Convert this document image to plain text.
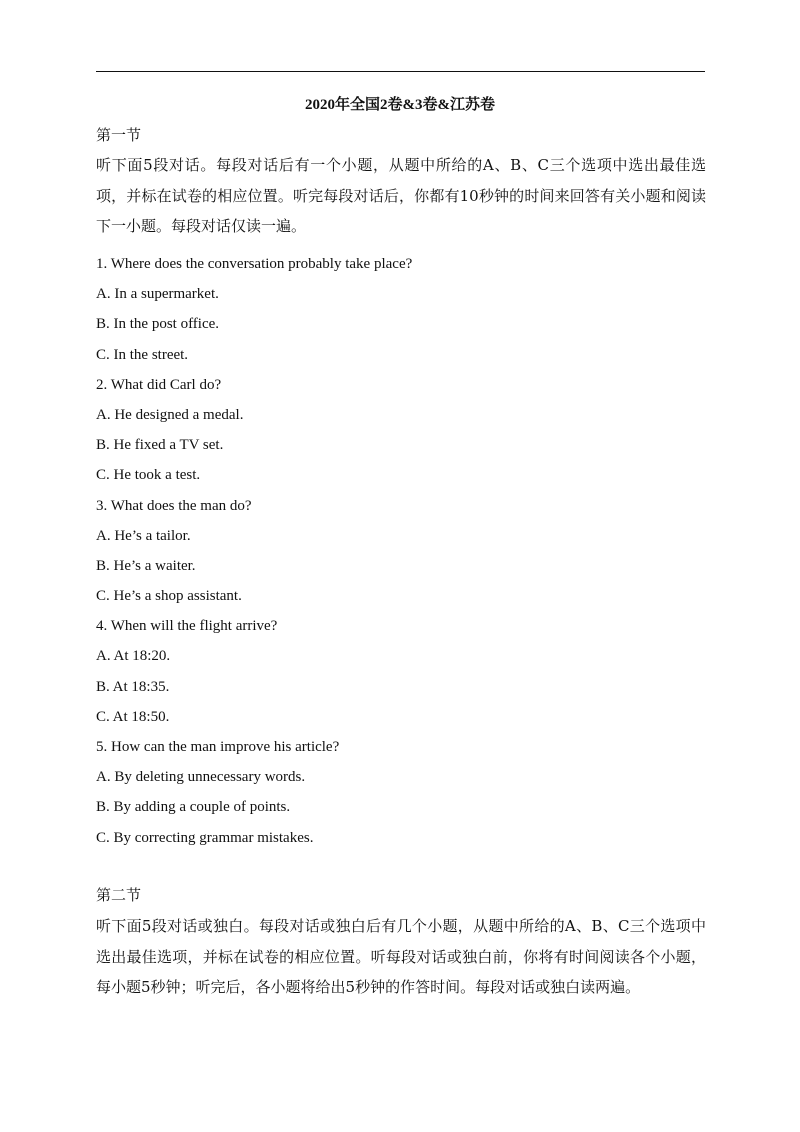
2020年全国2卷&3卷&江苏卷
第一节
听下面5段对话。每段对话后有一个小题，从题中所给的A、B、C三个选项中选出最佳选项，并标在试卷的相应位置。听完每段对话后，你都有10秒钟的时间来回答有关小题和阅读下一小题。每段对话仅读一遍。
1. Where does the conversation probably take place?
A. In a supermarket.
B. In the post office.
C. In the street.
2. What did Carl do?
A. He designed a medal.
B. He fixed a TV set.
C. He took a test.
3. What does the man do?
A. He’s a tailor.
B. He’s a waiter.
C. He’s a shop assistant.
4. When will the flight arrive?
A. At 18:20.
B. At 18:35.
C. At 18:50.
5. How can the man improve his article?
A. By deleting unnecessary words.
B. By adding a couple of points.
C. By correcting grammar mistakes.
第二节
听下面5段对话或独白。每段对话或独白后有几个小题，从题中所给的A、B、C三个选项中选出最佳选项，并标在试卷的相应位置。听每段对话或独白前，你将有时间阅读各个小题，每小题5秒钟；听完后，各小题将给出5秒钟的作答时间。每段对话或独白读两遍。
